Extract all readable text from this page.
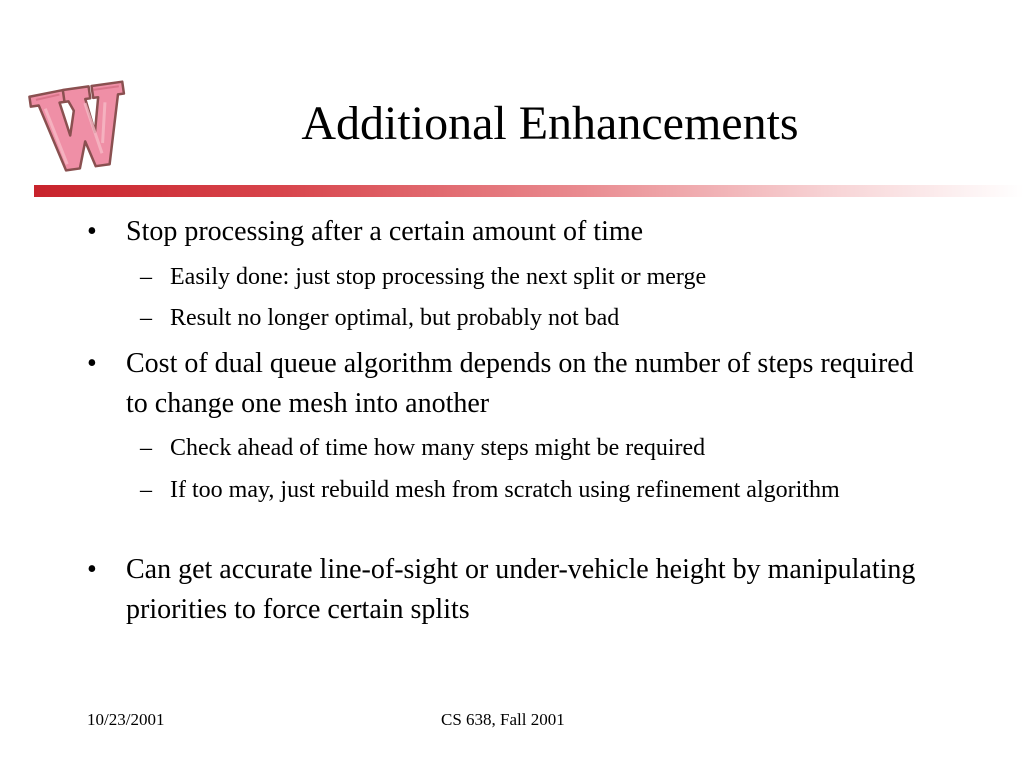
Additional Enhancements
•	Stop processing after a certain amount of time
– Easily done: just stop processing the next split or merge
– Result no longer optimal, but probably not bad
•	Cost of dual queue algorithm depends on the number of steps required to change one mesh into another
– Check ahead of time how many steps might be required
– If too may, just rebuild mesh from scratch using refinement algorithm
•	Can get accurate line-of-sight or under-vehicle height by manipulating priorities to force certain splits
10/23/2001	CS 638, Fall 2001
